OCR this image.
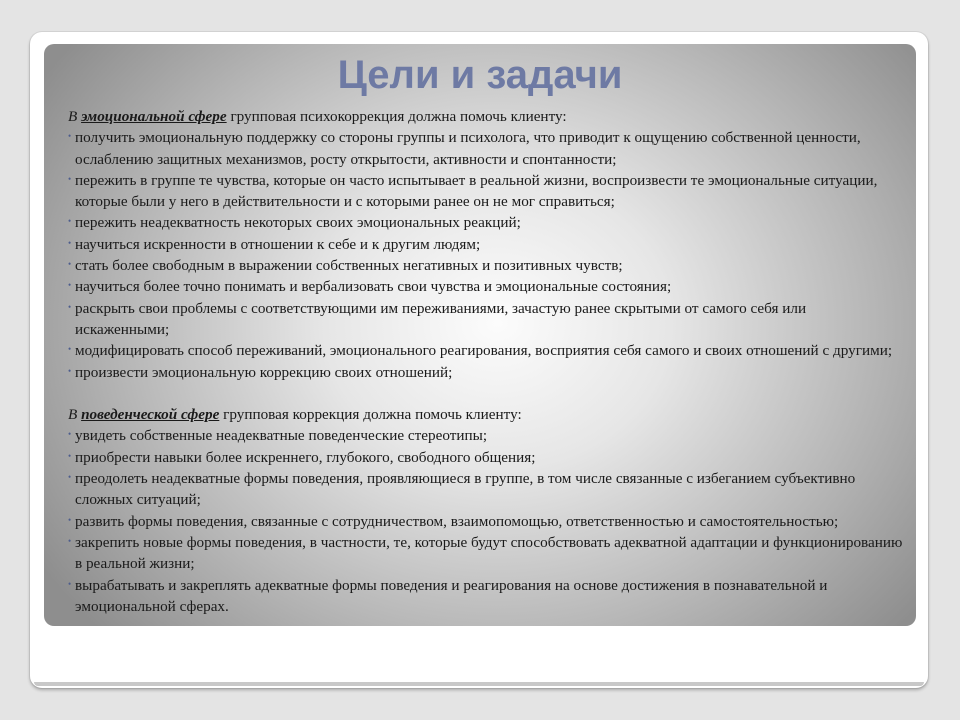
Цели и задачи

В эмоциональной сфере групповая психокоррекция должна помочь клиенту:

• получить эмоциональную поддержку со стороны группы и психолога, что приводит к ощущению собственной ценности, ослаблению защитных механизмов, росту открытости, активности и спонтанности;

• пережить в группе те чувства, которые он часто испытывает в реальной жизни, воспроизвести те эмоциональные ситуации, которые были у него в действительности и с которыми ранее он не мог справиться;

• пережить неадекватность некоторых своих эмоциональных реакций;

• научиться искренности в отношении к себе и к другим людям;

• стать более свободным в выражении собственных негативных и позитивных чувств;

• научиться более точно понимать и вербализовать свои чувства и эмоциональные состояния;

• раскрыть свои проблемы с соответствующими им переживаниями, зачастую ранее скрытыми от самого себя или искаженными;

• модифицировать способ переживаний, эмоционального реагирования, восприятия себя самого и своих отношений с другими;

• произвести эмоциональную коррекцию своих отношений;

В поведенческой сфере групповая коррекция должна помочь клиенту:

• увидеть собственные неадекватные поведенческие стереотипы;

• приобрести навыки более искреннего, глубокого, свободного общения;

• преодолеть неадекватные формы поведения, проявляющиеся в группе, в том числе связанные с избеганием субъективно сложных ситуаций;

• развить формы поведения, связанные с сотрудничеством, взаимопомощью, ответственностью и самостоятельностью;

• закрепить новые формы поведения, в частности, те, которые будут способствовать адекватной адаптации и функционированию в реальной жизни;

• вырабатывать и закреплять адекватные формы поведения и реагирования на основе достижения в познавательной и эмоциональной сферах.
